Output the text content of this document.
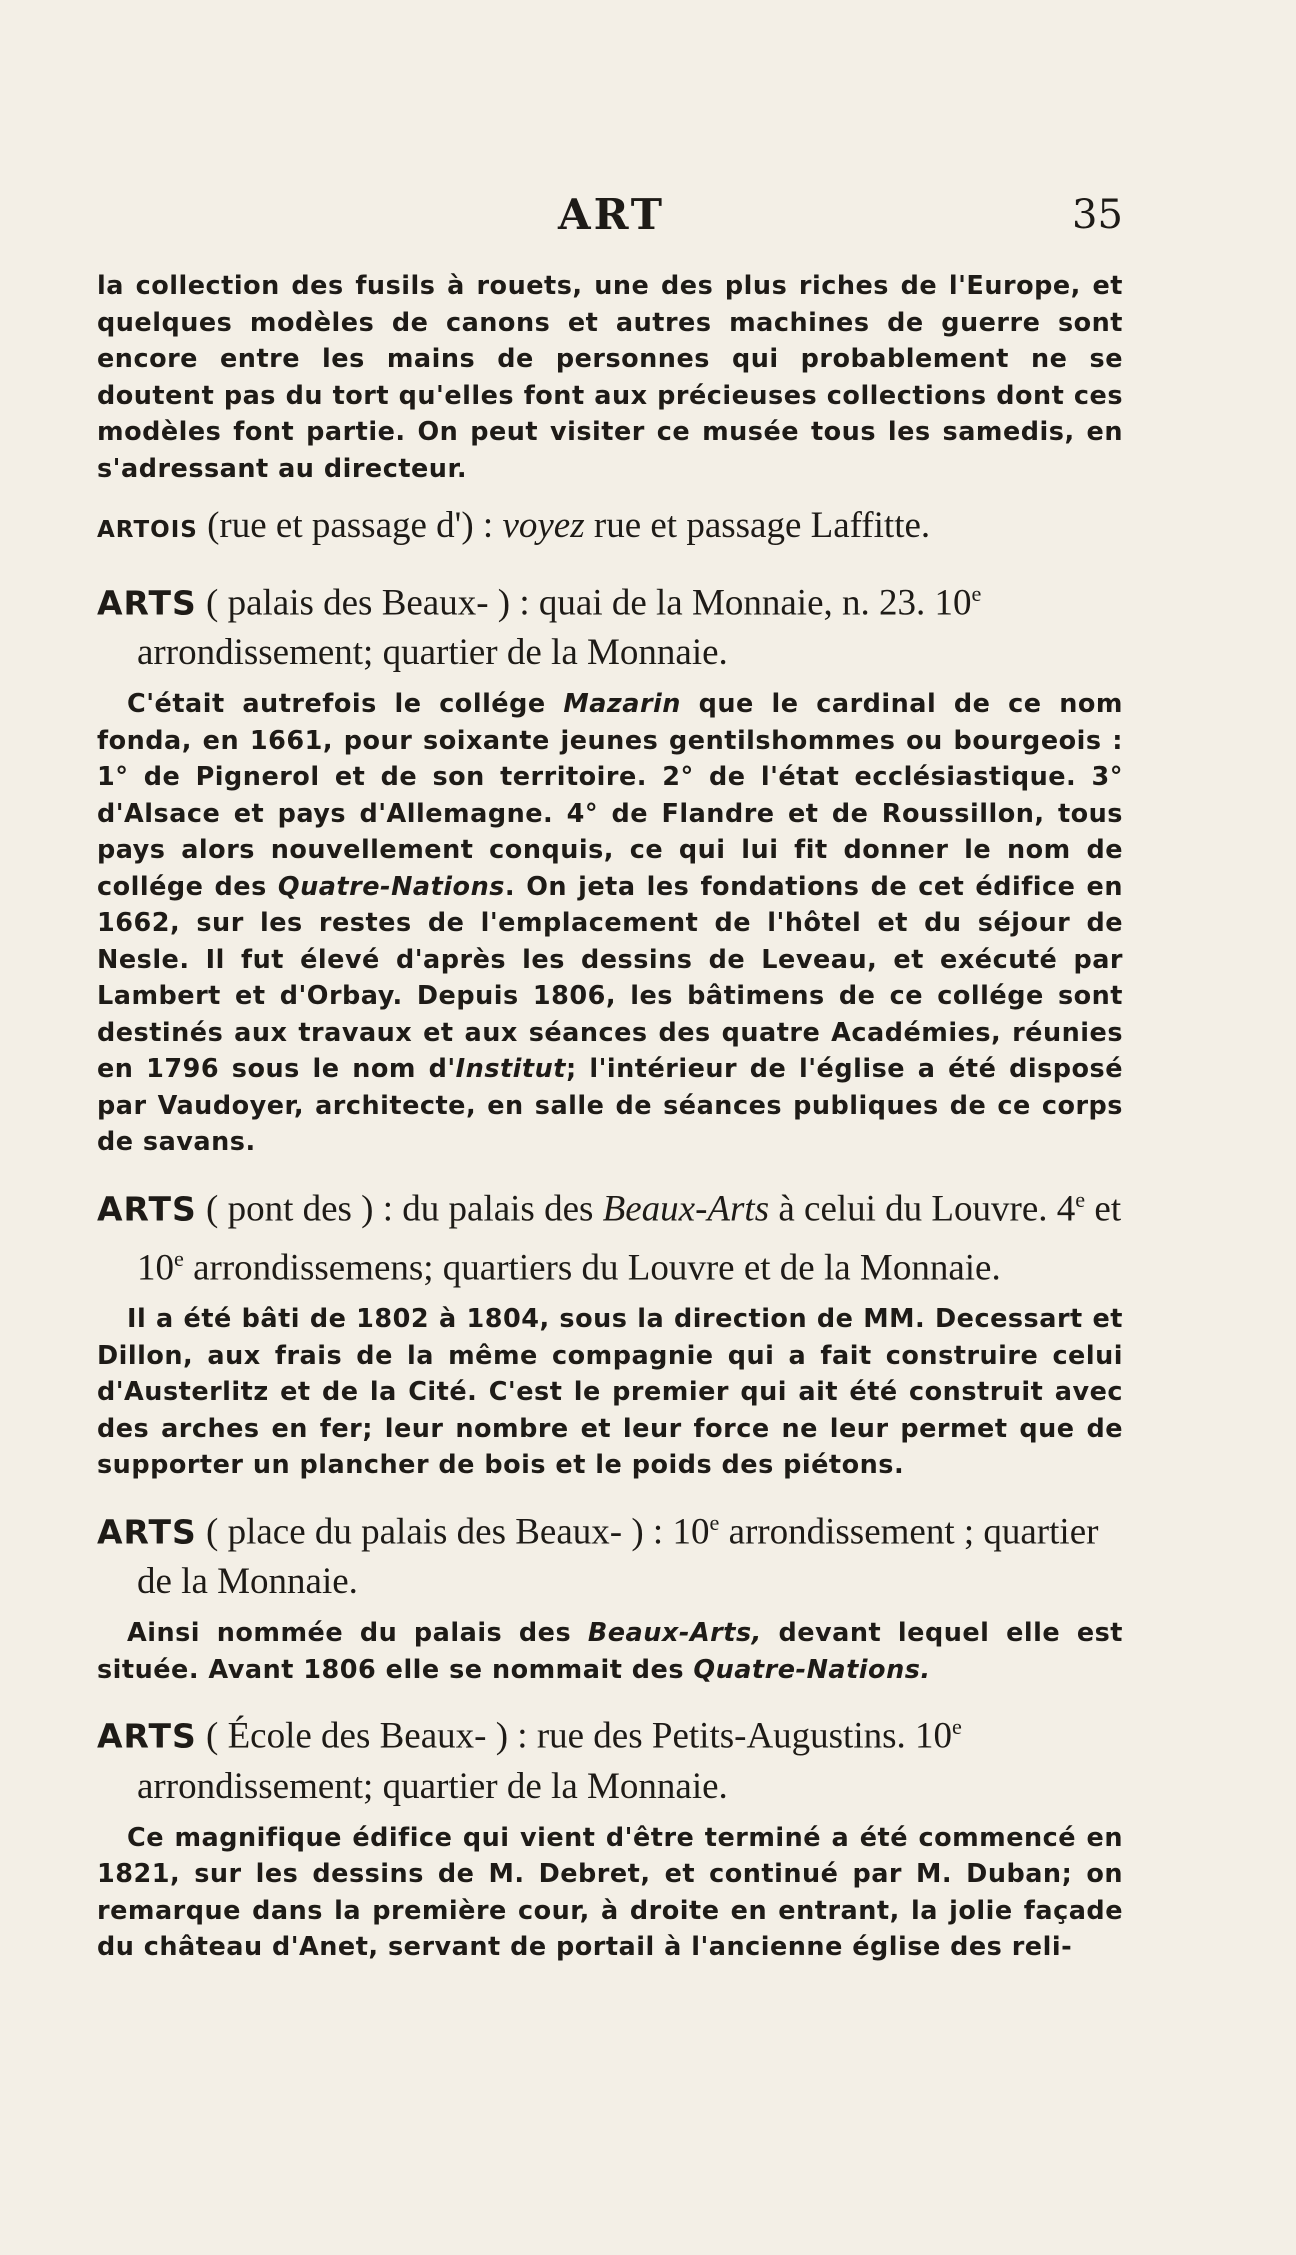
ART	35

la collection des fusils à rouets, une des plus riches de l'Europe, et quelques modèles de canons et autres machines de guerre sont encore entre les mains de personnes qui probablement ne se doutent pas du tort qu'elles font aux précieuses collections dont ces modèles font partie. On peut visiter ce musée tous les samedis, en s'adressant au directeur.

ARTOIS (rue et passage d') : voyez rue et passage Laffitte.

ARTS ( palais des Beaux- ) : quai de la Monnaie, n. 23. 10e arrondissement; quartier de la Monnaie.

C'était autrefois le collége Mazarin que le cardinal de ce nom fonda, en 1661, pour soixante jeunes gentilshommes ou bourgeois : 1° de Pignerol et de son territoire. 2° de l'état ecclésiastique. 3° d'Alsace et pays d'Allemagne. 4° de Flandre et de Roussillon, tous pays alors nouvellement conquis, ce qui lui fit donner le nom de collége des Quatre-Nations. On jeta les fondations de cet édifice en 1662, sur les restes de l'emplacement de l'hôtel et du séjour de Nesle. Il fut élevé d'après les dessins de Leveau, et exécuté par Lambert et d'Orbay. Depuis 1806, les bâtimens de ce collége sont destinés aux travaux et aux séances des quatre Académies, réunies en 1796 sous le nom d'Institut; l'intérieur de l'église a été disposé par Vaudoyer, architecte, en salle de séances publiques de ce corps de savans.

ARTS ( pont des ) : du palais des Beaux-Arts à celui du Louvre. 4e et 10e arrondissemens; quartiers du Louvre et de la Monnaie.

Il a été bâti de 1802 à 1804, sous la direction de MM. Decessart et Dillon, aux frais de la même compagnie qui a fait construire celui d'Austerlitz et de la Cité. C'est le premier qui ait été construit avec des arches en fer; leur nombre et leur force ne leur permet que de supporter un plancher de bois et le poids des piétons.

ARTS ( place du palais des Beaux- ) : 10e arrondissement ; quartier de la Monnaie.

Ainsi nommée du palais des Beaux-Arts, devant lequel elle est située. Avant 1806 elle se nommait des Quatre-Nations.

ARTS ( École des Beaux- ) : rue des Petits-Augustins. 10e arrondissement; quartier de la Monnaie.

Ce magnifique édifice qui vient d'être terminé a été commencé en 1821, sur les dessins de M. Debret, et continué par M. Duban; on remarque dans la première cour, à droite en entrant, la jolie façade du château d'Anet, servant de portail à l'ancienne église des reli-
